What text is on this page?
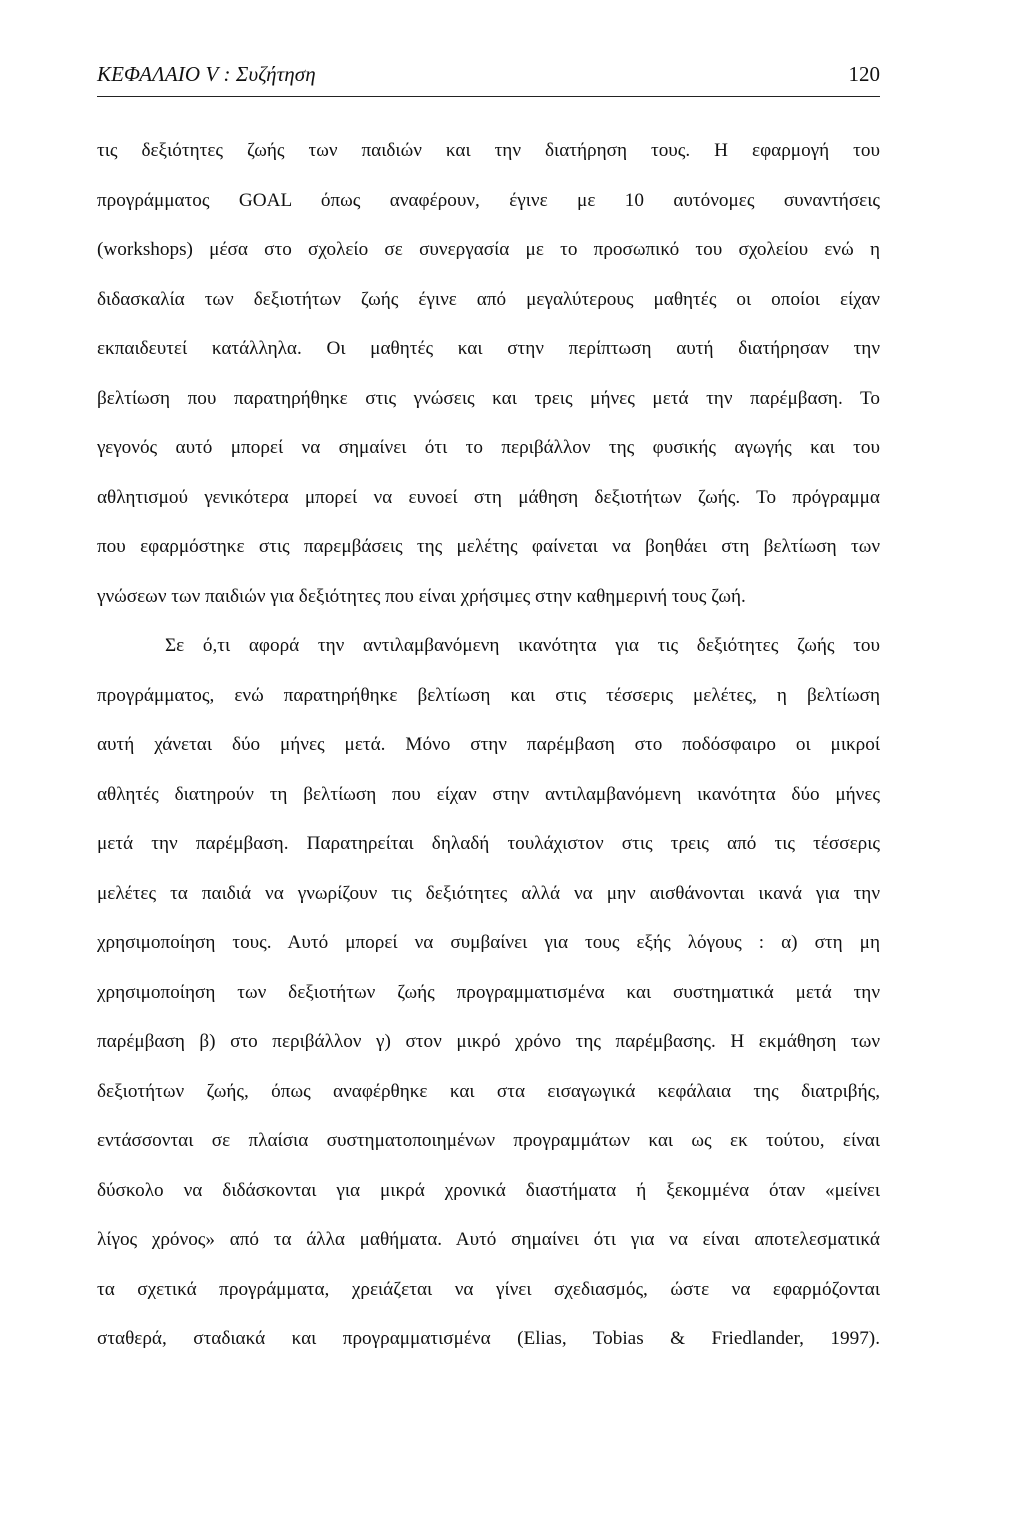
ΚΕΦΑΛΑΙΟ V : Συζήτηση	120
τις δεξιότητες ζωής των παιδιών και την διατήρηση τους. Η εφαρμογή του
προγράμματος GOAL όπως αναφέρουν, έγινε με 10 αυτόνομες συναντήσεις
(workshops) μέσα στο σχολείο σε συνεργασία με το προσωπικό του σχολείου ενώ η
διδασκαλία των δεξιοτήτων ζωής έγινε από μεγαλύτερους μαθητές οι οποίοι είχαν
εκπαιδευτεί κατάλληλα. Οι μαθητές και στην περίπτωση αυτή διατήρησαν την
βελτίωση που παρατηρήθηκε στις γνώσεις και τρεις μήνες μετά την παρέμβαση. Το
γεγονός αυτό μπορεί να σημαίνει ότι το περιβάλλον της φυσικής αγωγής και του
αθλητισμού γενικότερα μπορεί να ευνοεί στη μάθηση δεξιοτήτων ζωής. Το πρόγραμμα
που εφαρμόστηκε στις παρεμβάσεις της μελέτης φαίνεται να βοηθάει στη βελτίωση των
γνώσεων των παιδιών για δεξιότητες που είναι χρήσιμες στην καθημερινή τους ζωή.
Σε ό,τι αφορά την αντιλαμβανόμενη ικανότητα για τις δεξιότητες ζωής του
προγράμματος, ενώ παρατηρήθηκε βελτίωση και στις τέσσερις μελέτες, η βελτίωση
αυτή χάνεται δύο μήνες μετά. Μόνο στην παρέμβαση στο ποδόσφαιρο οι μικροί
αθλητές διατηρούν τη βελτίωση που είχαν στην αντιλαμβανόμενη ικανότητα δύο μήνες
μετά την παρέμβαση. Παρατηρείται δηλαδή τουλάχιστον στις τρεις από τις τέσσερις
μελέτες τα παιδιά να γνωρίζουν τις δεξιότητες αλλά να μην αισθάνονται ικανά για την
χρησιμοποίηση τους. Αυτό μπορεί να συμβαίνει για τους εξής λόγους : α) στη μη
χρησιμοποίηση των δεξιοτήτων ζωής προγραμματισμένα και συστηματικά μετά την
παρέμβαση β) στο περιβάλλον γ) στον μικρό χρόνο της παρέμβασης. Η εκμάθηση των
δεξιοτήτων ζωής, όπως αναφέρθηκε και στα εισαγωγικά κεφάλαια της διατριβής,
εντάσσονται σε πλαίσια συστηματοποιημένων προγραμμάτων και ως εκ τούτου, είναι
δύσκολο να διδάσκονται για μικρά χρονικά διαστήματα ή ξεκομμένα όταν «μείνει
λίγος χρόνος» από τα άλλα μαθήματα. Αυτό σημαίνει ότι για να είναι αποτελεσματικά
τα σχετικά προγράμματα, χρειάζεται να γίνει σχεδιασμός, ώστε να εφαρμόζονται
σταθερά, σταδιακά και προγραμματισμένα (Elias, Tobias & Friedlander, 1997).
